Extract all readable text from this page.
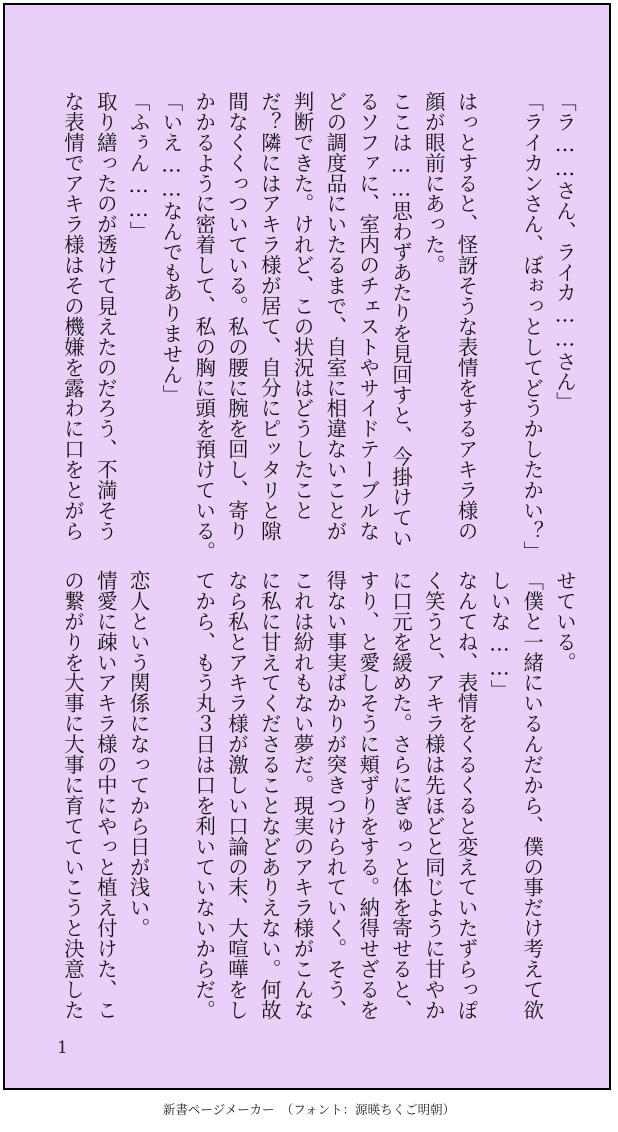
「ラ……さん、ライカ……さん」
「ライカンさん、ぼぉっとしてどうかしたかい？」
はっとすると、怪訝そうな表情をするアキラ様の
顔が眼前にあった。
ここは……思わずあたりを見回すと、今掛けてい
るソファに、室内のチェストやサイドテーブルな
どの調度品にいたるまで、自室に相違ないことが
判断できた。けれど、この状況はどうしたこと
だ？隣にはアキラ様が居て、自分にピッタリと隙
間なくくっついている。私の腰に腕を回し、寄り
かかるように密着して、私の胸に頭を預けている。
「いえ……なんでもありません」
「ふぅん……」
取り繕ったのが透けて見えたのだろう、不満そう
な表情でアキラ様はその機嫌を露わに口をとがら
せている。
「僕と一緒にいるんだから、僕の事だけ考えて欲
しいな……」
なんてね、表情をくるくると変えていたずらっぽ
く笑うと、アキラ様は先ほどと同じように甘やか
に口元を緩めた。さらにぎゅっと体を寄せると、
すり、と愛しそうに頬ずりをする。納得せざるを
得ない事実ばかりが突きつけられていく。そう、
これは紛れもない夢だ。現実のアキラ様がこんな
に私に甘えてくださることなどありえない。何故
なら私とアキラ様が激しい口論の末、大喧嘩をし
てから、もう丸３日は口を利いていないからだ。
恋人という関係になってから日が浅い。
情愛に疎いアキラ様の中にやっと植え付けた、こ
の繋がりを大事に大事に育てていこうと決意した
1
新書ページメーカー　（フォント：源暎ちくご明朝）
